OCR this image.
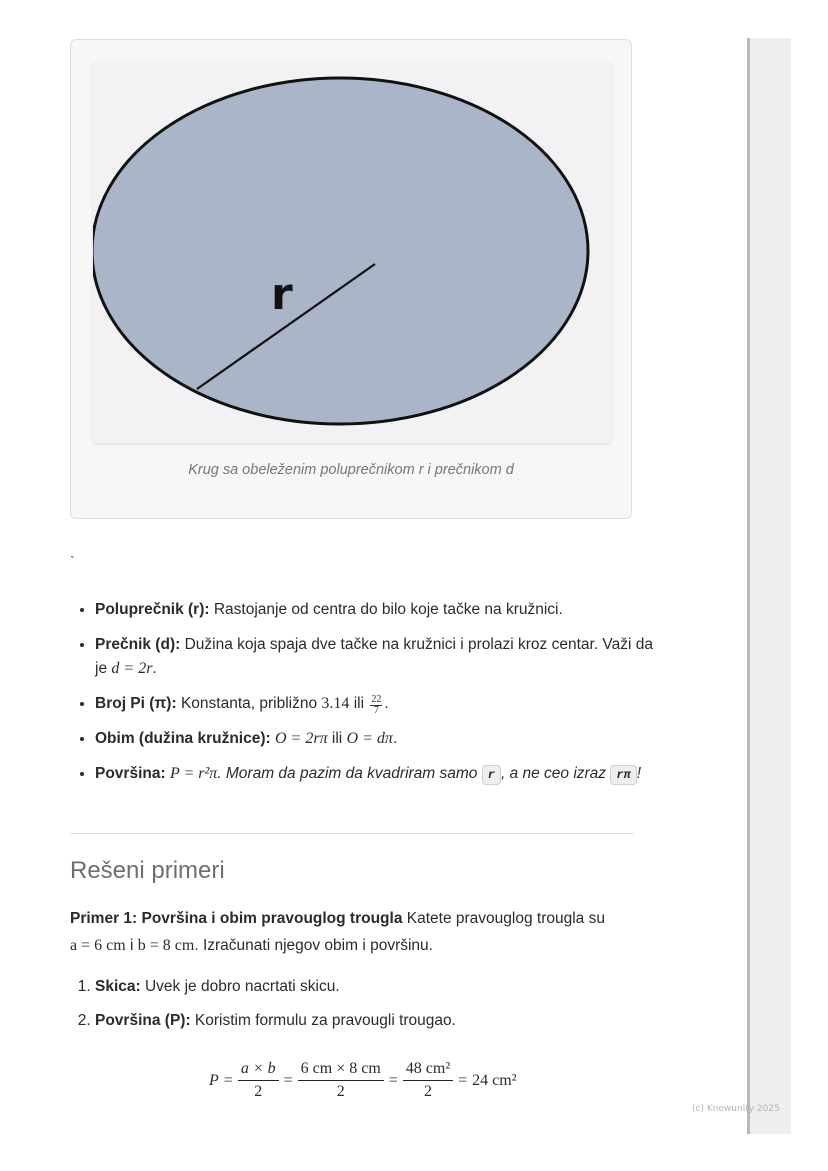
(c) Knowunity 2025
r
Krug sa obeleženim poluprečnikom r i prečnikom d
`
• Poluprečnik (r): Rastojanje od centra do bilo koje tačke na kružnici.
• Prečnik (d): Dužina koja spaja dve tačke na kružnici i prolazi kroz centar. Važi da je d = 2r.
• Broj Pi (π): Konstanta, približno 3.14 ili $\frac{22}{7}$ .
• Obim (dužina kružnice): O = 2rπ ili O = dπ.
• Površina: P = r²π. Moram da pazim da kvadriram samo r , a ne ceo izraz rπ !
Rešeni primeri

Primer 1: Površina i obim pravouglog trougla Katete pravouglog trougla su
a = 6 cm i b = 8 cm. Izračunati njegov obim i površinu.

1. Skica: Uvek je dobro nacrtati skicu.
2. Površina (P): Koristim formulu za pravougli trougao.
$P = \frac{a \times b}{2} = \frac{6 cm \times 8 cm}{2} = \frac{\text{48 cm²}}{2} = 24$ cm²
